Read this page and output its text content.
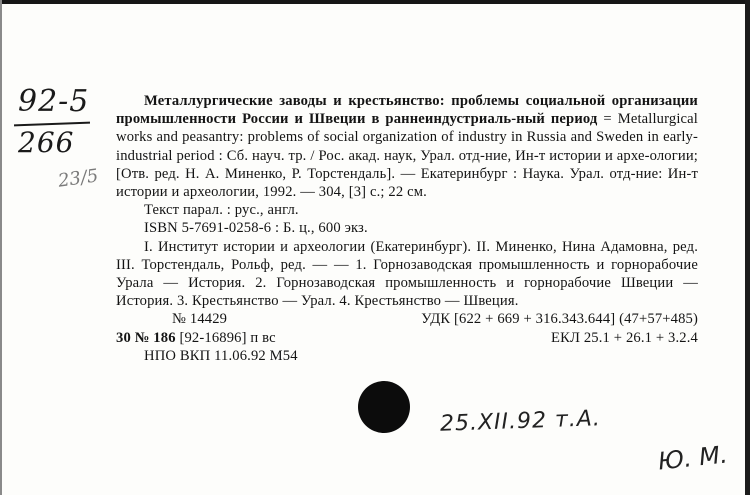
92-5
266
23/5

Металлургические заводы и крестьянство: проблемы социальной организации промышленности России и Швеции в раннеиндустриаль-ный период = Metallurgical works and peasantry: problems of social organization of industry in Russia and Sweden in early-industrial period : Сб. науч. тр. / Рос. акад. наук, Урал. отд-ние, Ин-т истории и архе-ологии; [Отв. ред. Н. А. Миненко, Р. Торстендаль]. — Екатеринбург : Наука. Урал. отд-ние: Ин-т истории и археологии, 1992. — 304, [3] с.; 22 см.

Текст парал. : рус., англ.

ISBN 5-7691-0258-6 : Б. ц., 600 экз.

I. Институт истории и археологии (Екатеринбург). II. Миненко, Нина Адамовна, ред. III. Торстендаль, Рольф, ред. — — 1. Горнозаводская промышленность и горнорабочие Урала — История. 2. Горнозаводская промышленность и горнорабочие Швеции — История. 3. Крестьянство — Урал. 4. Крестьянство — Швеция.

№ 14429	УДК [622 + 669 + 316.343.644] (47+57+485)
30 № 186 [92-16896] п вс	ЕКЛ 25.1 + 26.1 + 3.2.4

НПО ВКП 11.06.92 М54

25.XII.92 т.А.
Ю. М.
